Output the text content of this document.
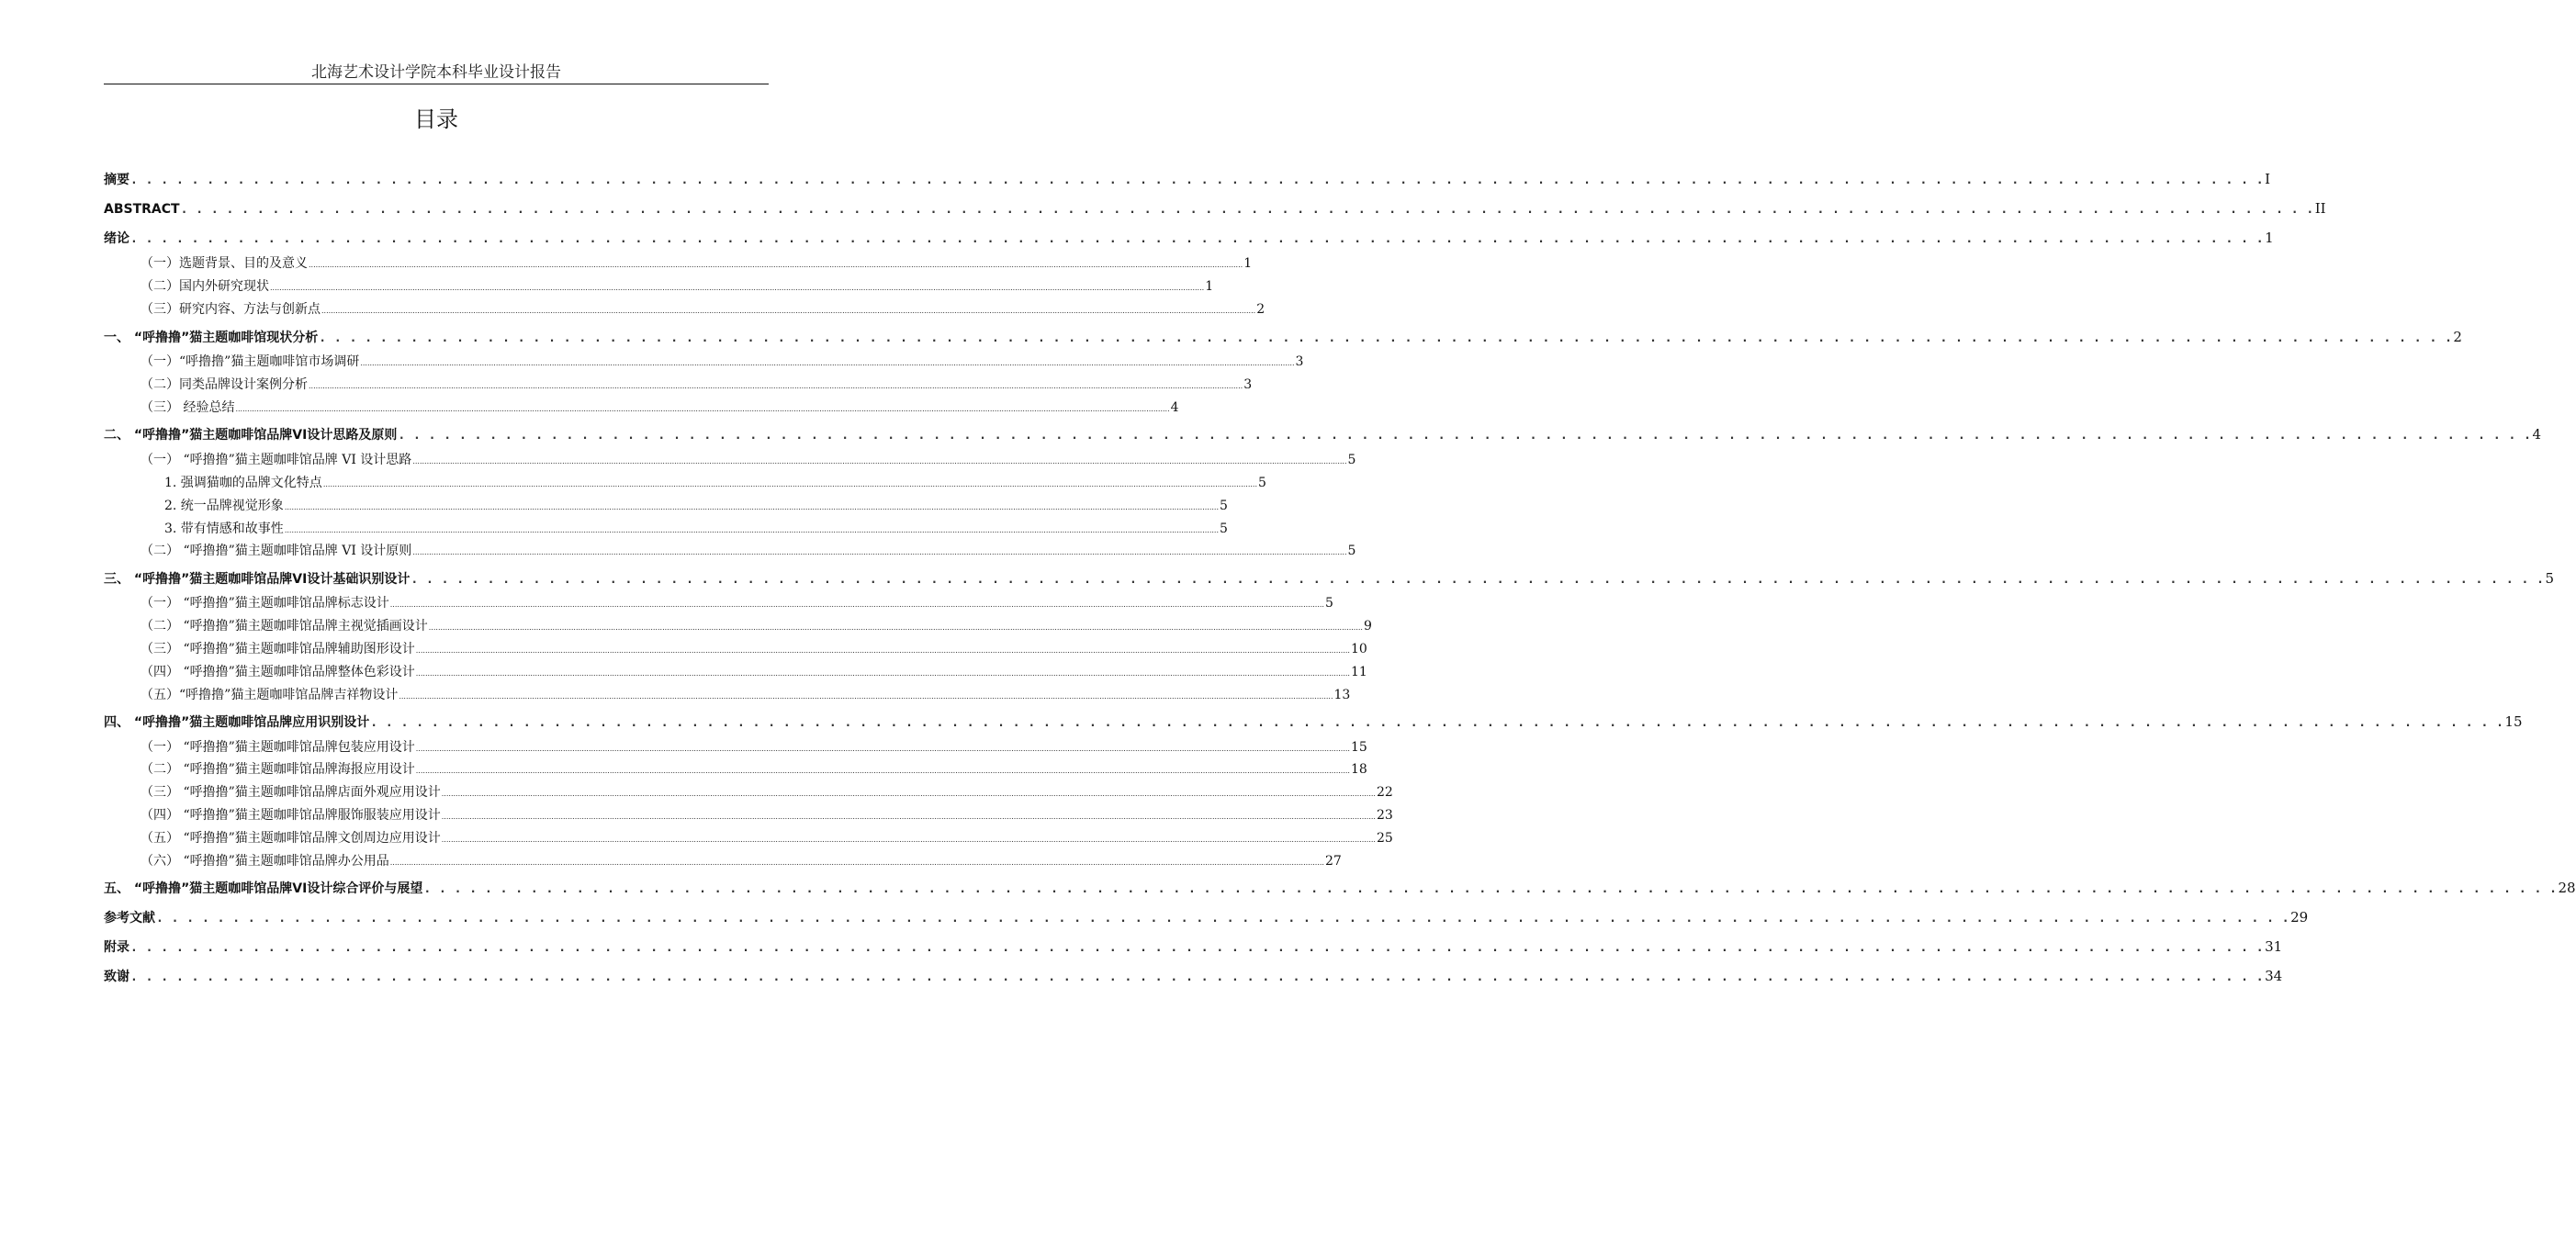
北海艺术设计学院本科毕业设计报告
目录
摘要 . . . . . . . . . . . . . . . . . . . . . . . . . . . . . . . . . . . . . . . . . . . . . . . . . . . . . . . . . . . . . . . . . . . . . . . . . . . . . . . . . . . . . . . . . . . . . . . . . . . . . . . . . . . . . . . . . . . . . . . . . . . . . . . . . . . . . . . . . . . . I
ABSTRACT . . . . . . . . . . . . . . . . . . . . . . . . . . . . . . . . . . . . . . . . . . . . . . . . . . . . . . . . . . . . . . . . . . . . . . . . . . . . . . . . . . . . . . . . . . . . . . . . . . . . . . . . . . . . . . . . . . . . . . . . . . . . . . . . . . . . . . . . . . . . II
绪论 . . . . . . . . . . . . . . . . . . . . . . . . . . . . . . . . . . . . . . . . . . . . . . . . . . . . . . . . . . . . . . . . . . . . . . . . . . . . . . . . . . . . . . . . . . . . . . . . . . . . . . . . . . . . . . . . . . . . . . . . . . . . . . . . . . . . . . . . . . . . 1
（一）选题背景、目的及意义 ................................................................................................................................................................................................................................................................................................................................................................................................................ 1
（二）国内外研究现状 ................................................................................................................................................................................................................................................................................................................................................................................................................ 1
（三）研究内容、方法与创新点 ................................................................................................................................................................................................................................................................................................................................................................................................................ 2
一、 “呼撸撸”猫主题咖啡馆现状分析 . . . . . . . . . . . . . . . . . . . . . . . . . . . . . . . . . . . . . . . . . . . . . . . . . . . . . . . . . . . . . . . . . . . . . . . . . . . . . . . . . . . . . . . . . . . . . . . . . . . . . . . . . . . . . . . . . . . . . . . . . . . . . . . . . . . . . . . . . . . . 2
（一）“呼撸撸”猫主题咖啡馆市场调研 ................................................................................................................................................................................................................................................................................................................................................................................................................ 3
（二）同类品牌设计案例分析 ................................................................................................................................................................................................................................................................................................................................................................................................................ 3
（三） 经验总结 ................................................................................................................................................................................................................................................................................................................................................................................................................ 4
二、 “呼撸撸”猫主题咖啡馆品牌VI设计思路及原则 . . . . . . . . . . . . . . . . . . . . . . . . . . . . . . . . . . . . . . . . . . . . . . . . . . . . . . . . . . . . . . . . . . . . . . . . . . . . . . . . . . . . . . . . . . . . . . . . . . . . . . . . . . . . . . . . . . . . . . . . . . . . . . . . . . . . . . . . . . . . 4
（一） “呼撸撸”猫主题咖啡馆品牌 VI 设计思路 ................................................................................................................................................................................................................................................................................................................................................................................................................ 5
1. 强调猫咖的品牌文化特点 ................................................................................................................................................................................................................................................................................................................................................................................................................ 5
2. 统一品牌视觉形象 ................................................................................................................................................................................................................................................................................................................................................................................................................ 5
3. 带有情感和故事性 ................................................................................................................................................................................................................................................................................................................................................................................................................ 5
（二） “呼撸撸”猫主题咖啡馆品牌 VI 设计原则 ................................................................................................................................................................................................................................................................................................................................................................................................................ 5
三、 “呼撸撸”猫主题咖啡馆品牌VI设计基础识别设计 . . . . . . . . . . . . . . . . . . . . . . . . . . . . . . . . . . . . . . . . . . . . . . . . . . . . . . . . . . . . . . . . . . . . . . . . . . . . . . . . . . . . . . . . . . . . . . . . . . . . . . . . . . . . . . . . . . . . . . . . . . . . . . . . . . . . . . . . . . . . 5
（一） “呼撸撸”猫主题咖啡馆品牌标志设计 ................................................................................................................................................................................................................................................................................................................................................................................................................ 5
（二） “呼撸撸”猫主题咖啡馆品牌主视觉插画设计 ................................................................................................................................................................................................................................................................................................................................................................................................................ 9
（三） “呼撸撸”猫主题咖啡馆品牌辅助图形设计 ................................................................................................................................................................................................................................................................................................................................................................................................................ 10
（四） “呼撸撸”猫主题咖啡馆品牌整体色彩设计 ................................................................................................................................................................................................................................................................................................................................................................................................................ 11
（五）“呼撸撸”猫主题咖啡馆品牌吉祥物设计 ................................................................................................................................................................................................................................................................................................................................................................................................................ 13
四、 “呼撸撸”猫主题咖啡馆品牌应用识别设计 . . . . . . . . . . . . . . . . . . . . . . . . . . . . . . . . . . . . . . . . . . . . . . . . . . . . . . . . . . . . . . . . . . . . . . . . . . . . . . . . . . . . . . . . . . . . . . . . . . . . . . . . . . . . . . . . . . . . . . . . . . . . . . . . . . . . . . . . . . . . 15
（一） “呼撸撸”猫主题咖啡馆品牌包装应用设计 ................................................................................................................................................................................................................................................................................................................................................................................................................ 15
（二） “呼撸撸”猫主题咖啡馆品牌海报应用设计 ................................................................................................................................................................................................................................................................................................................................................................................................................ 18
（三） “呼撸撸”猫主题咖啡馆品牌店面外观应用设计 ................................................................................................................................................................................................................................................................................................................................................................................................................ 22
（四） “呼撸撸”猫主题咖啡馆品牌服饰服装应用设计 ................................................................................................................................................................................................................................................................................................................................................................................................................ 23
（五） “呼撸撸”猫主题咖啡馆品牌文创周边应用设计 ................................................................................................................................................................................................................................................................................................................................................................................................................ 25
（六） “呼撸撸”猫主题咖啡馆品牌办公用品 ................................................................................................................................................................................................................................................................................................................................................................................................................ 27
五、 “呼撸撸”猫主题咖啡馆品牌VI设计综合评价与展望 . . . . . . . . . . . . . . . . . . . . . . . . . . . . . . . . . . . . . . . . . . . . . . . . . . . . . . . . . . . . . . . . . . . . . . . . . . . . . . . . . . . . . . . . . . . . . . . . . . . . . . . . . . . . . . . . . . . . . . . . . . . . . . . . . . . . . . . . . . . . 28
参考文献 . . . . . . . . . . . . . . . . . . . . . . . . . . . . . . . . . . . . . . . . . . . . . . . . . . . . . . . . . . . . . . . . . . . . . . . . . . . . . . . . . . . . . . . . . . . . . . . . . . . . . . . . . . . . . . . . . . . . . . . . . . . . . . . . . . . . . . . . . . . . 29
附录 . . . . . . . . . . . . . . . . . . . . . . . . . . . . . . . . . . . . . . . . . . . . . . . . . . . . . . . . . . . . . . . . . . . . . . . . . . . . . . . . . . . . . . . . . . . . . . . . . . . . . . . . . . . . . . . . . . . . . . . . . . . . . . . . . . . . . . . . . . . . 31
致谢 . . . . . . . . . . . . . . . . . . . . . . . . . . . . . . . . . . . . . . . . . . . . . . . . . . . . . . . . . . . . . . . . . . . . . . . . . . . . . . . . . . . . . . . . . . . . . . . . . . . . . . . . . . . . . . . . . . . . . . . . . . . . . . . . . . . . . . . . . . . . 34
